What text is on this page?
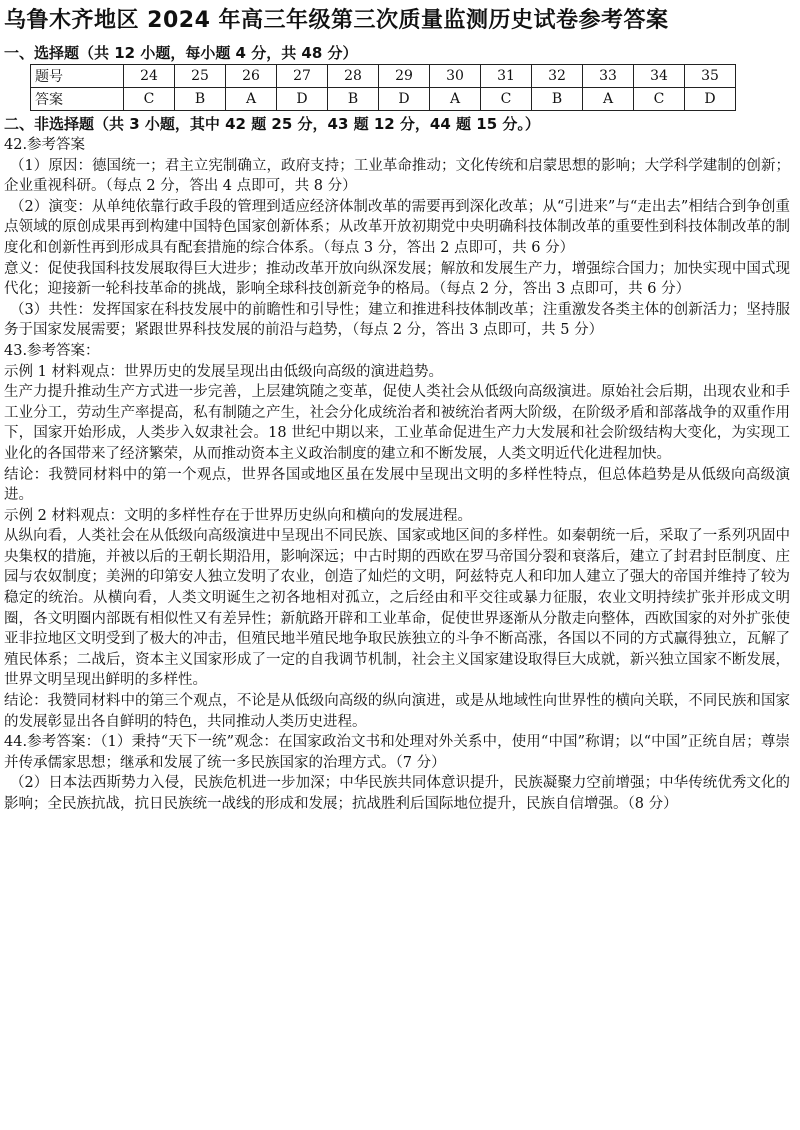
乌鲁木齐地区 2024 年高三年级第三次质量监测历史试卷参考答案
一、选择题（共 12 小题，每小题 4 分，共 48 分）
题号	24	25	26	27	28	29	30	31	32	33	34	35
答案	C	B	A	D	B	D	A	C	B	A	C	D
二、非选择题（共 3 小题，其中 42 题 25 分，43 题 12 分，44 题 15 分。）

42.参考答案

（1）原因：德国统一；君主立宪制确立，政府支持；工业革命推动；文化传统和启蒙思想的影响；大学科学建制的创新；企业重视科研。（每点 2 分，答出 4 点即可，共 8 分）

（2）演变：从单纯依靠行政手段的管理到适应经济体制改革的需要再到深化改革；从“引进来”与“走出去”相结合到争创重点领域的原创成果再到构建中国特色国家创新体系；从改革开放初期党中央明确科技体制改革的重要性到科技体制改革的制度化和创新性再到形成具有配套措施的综合体系。（每点 3 分，答出 2 点即可，共 6 分）

意义：促使我国科技发展取得巨大进步；推动改革开放向纵深发展；解放和发展生产力，增强综合国力；加快实现中国式现代化；迎接新一轮科技革命的挑战，影响全球科技创新竞争的格局。（每点 2 分，答出 3 点即可，共 6 分）

（3）共性：发挥国家在科技发展中的前瞻性和引导性；建立和推进科技体制改革；注重激发各类主体的创新活力；坚持服务于国家发展需要；紧跟世界科技发展的前沿与趋势，（每点 2 分，答出 3 点即可，共 5 分）

43.参考答案：

示例 1 材料观点：世界历史的发展呈现出由低级向高级的演进趋势。

生产力提升推动生产方式进一步完善，上层建筑随之变革，促使人类社会从低级向高级演进。原始社会后期，出现农业和手工业分工，劳动生产率提高，私有制随之产生，社会分化成统治者和被统治者两大阶级，在阶级矛盾和部落战争的双重作用下，国家开始形成，人类步入奴隶社会。18 世纪中期以来，工业革命促进生产力大发展和社会阶级结构大变化，为实现工业化的各国带来了经济繁荣，从而推动资本主义政治制度的建立和不断发展，人类文明近代化进程加快。

结论：我赞同材料中的第一个观点，世界各国或地区虽在发展中呈现出文明的多样性特点，但总体趋势是从低级向高级演进。

示例 2 材料观点：文明的多样性存在于世界历史纵向和横向的发展进程。

从纵向看，人类社会在从低级向高级演进中呈现出不同民族、国家或地区间的多样性。如秦朝统一后，采取了一系列巩固中央集权的措施，并被以后的王朝长期沿用，影响深远；中古时期的西欧在罗马帝国分裂和衰落后，建立了封君封臣制度、庄园与农奴制度；美洲的印第安人独立发明了农业，创造了灿烂的文明，阿兹特克人和印加人建立了强大的帝国并维持了较为稳定的统治。从横向看，人类文明诞生之初各地相对孤立，之后经由和平交往或暴力征服，农业文明持续扩张并形成文明圈，各文明圈内部既有相似性又有差异性；新航路开辟和工业革命，促使世界逐渐从分散走向整体，西欧国家的对外扩张使亚非拉地区文明受到了极大的冲击，但殖民地半殖民地争取民族独立的斗争不断高涨，各国以不同的方式赢得独立，瓦解了殖民体系；二战后，资本主义国家形成了一定的自我调节机制，社会主义国家建设取得巨大成就，新兴独立国家不断发展，世界文明呈现出鲜明的多样性。

结论：我赞同材料中的第三个观点，不论是从低级向高级的纵向演进，或是从地域性向世界性的横向关联，不同民族和国家的发展彰显出各自鲜明的特色，共同推动人类历史进程。

44.参考答案：（1）秉持“天下一统”观念：在国家政治文书和处理对外关系中，使用“中国”称谓；以“中国”正统自居；尊崇并传承儒家思想；继承和发展了统一多民族国家的治理方式。（7 分）

（2）日本法西斯势力入侵，民族危机进一步加深；中华民族共同体意识提升，民族凝聚力空前增强；中华传统优秀文化的影响；全民族抗战，抗日民族统一战线的形成和发展；抗战胜利后国际地位提升，民族自信增强。（8 分）
